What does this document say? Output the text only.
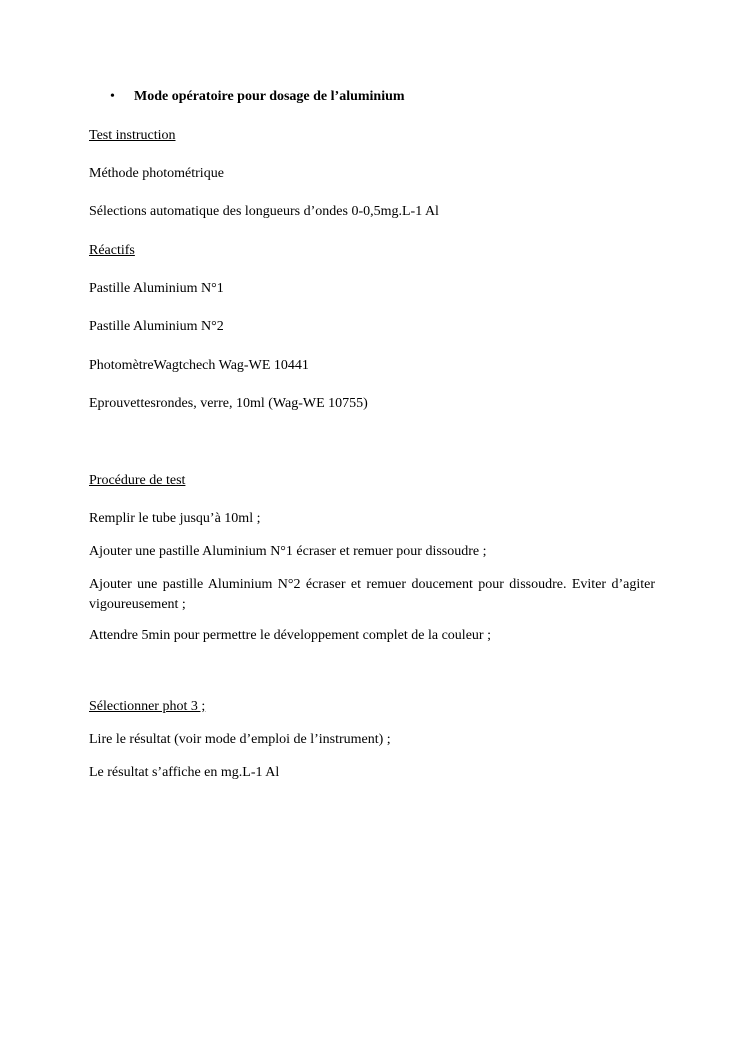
• Mode opératoire pour dosage de l’aluminium

Test instruction

Méthode photométrique

Sélections automatique des longueurs d’ondes 0-0,5mg.L-1 Al

Réactifs

Pastille Aluminium N°1

Pastille Aluminium N°2

PhotomètreWagtchech Wag-WE 10441

Eprouvettesrondes, verre, 10ml (Wag-WE 10755)

Procédure de test

Remplir le tube jusqu’à 10ml ;

Ajouter une pastille Aluminium N°1 écraser et remuer pour dissoudre ;

Ajouter une pastille Aluminium N°2 écraser et remuer doucement pour dissoudre. Eviter d’agiter vigoureusement ;

Attendre 5min pour permettre le développement complet de la couleur ;

Sélectionner phot 3 ;

Lire le résultat (voir mode d’emploi de l’instrument) ;

Le résultat s’affiche en mg.L-1 Al
